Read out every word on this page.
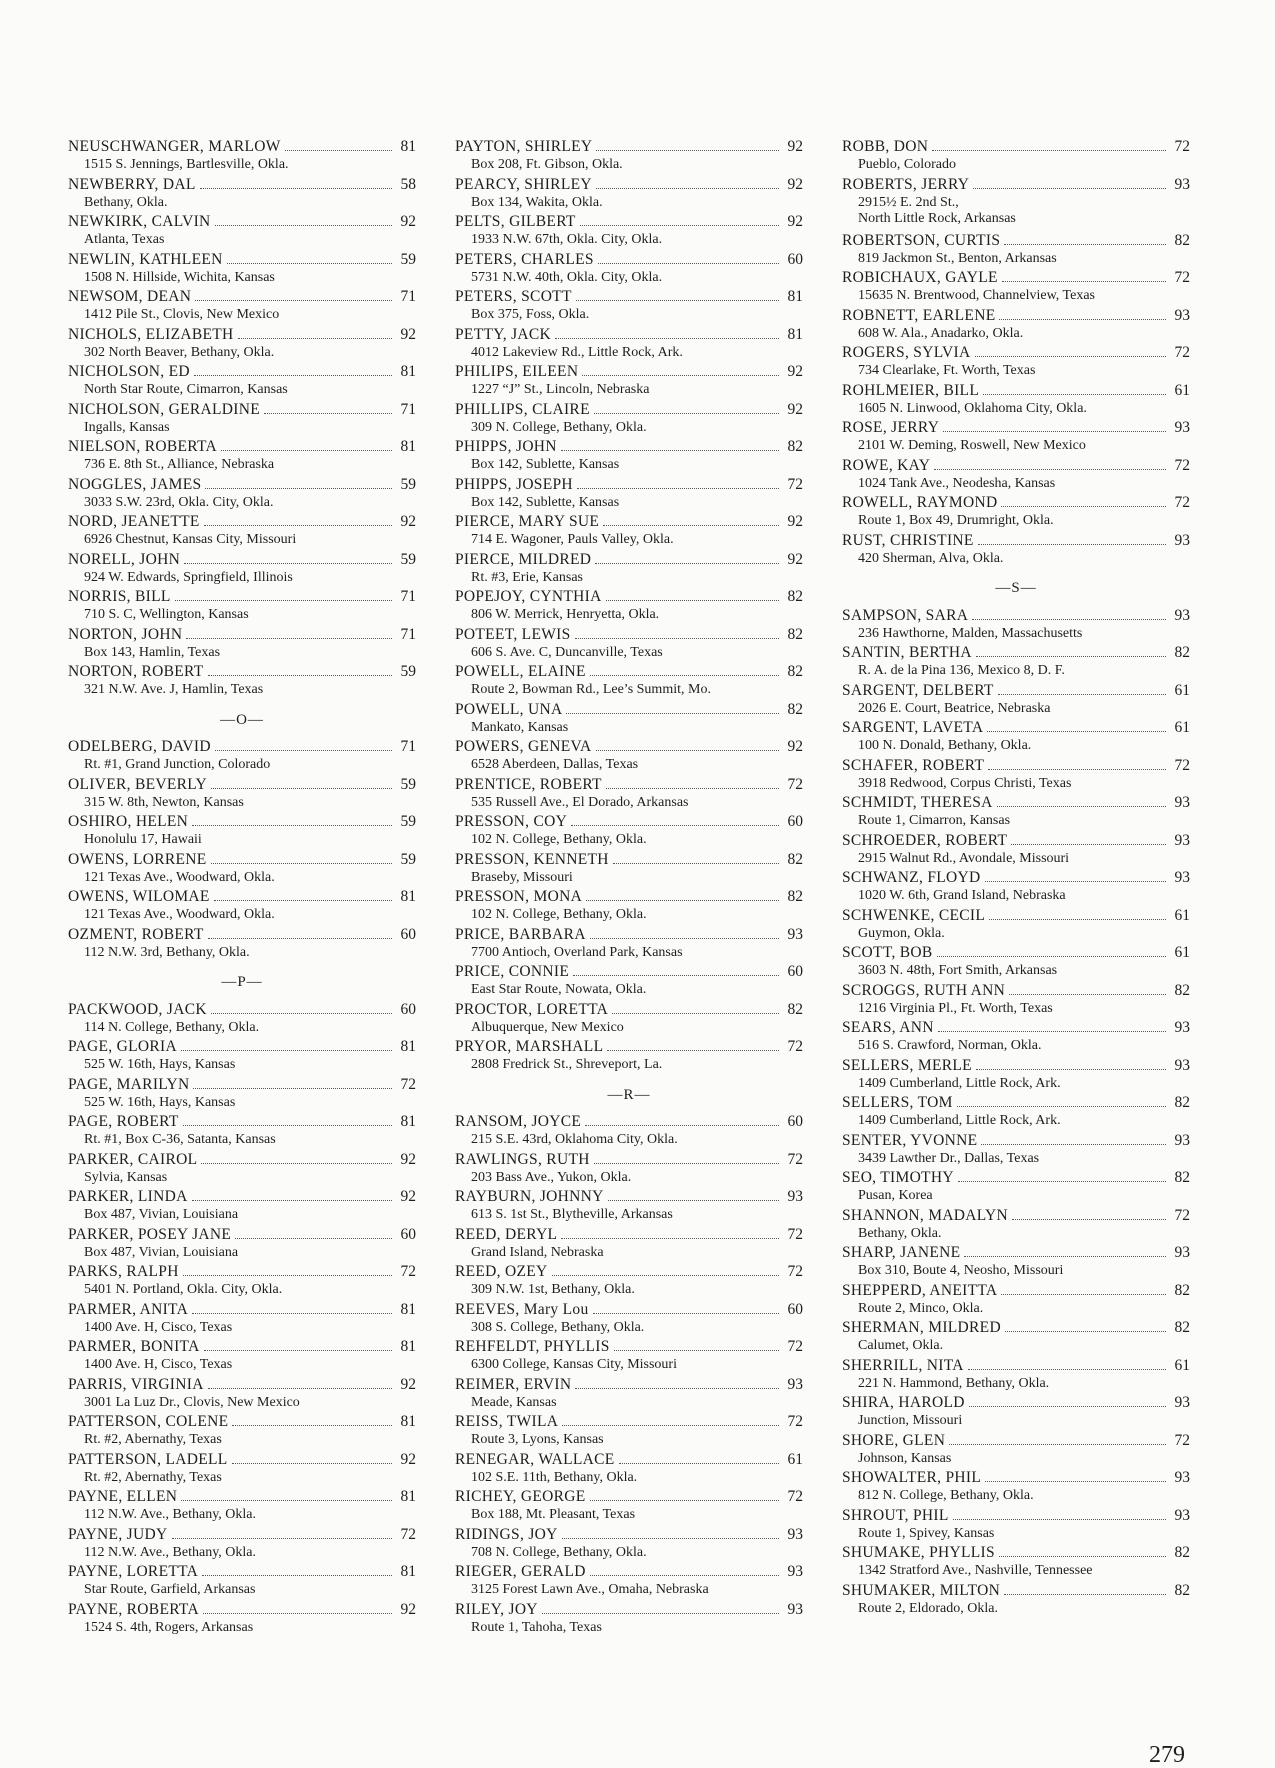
NEUSCHWANGER, MARLOW	81
1515 S. Jennings, Bartlesville, Okla.
NEWBERRY, DAL	58
Bethany, Okla.
NEWKIRK, CALVIN	92
Atlanta, Texas
NEWLIN, KATHLEEN	59
1508 N. Hillside, Wichita, Kansas
NEWSOM, DEAN	71
1412 Pile St., Clovis, New Mexico
NICHOLS, ELIZABETH	92
302 North Beaver, Bethany, Okla.
NICHOLSON, ED	81
North Star Route, Cimarron, Kansas
NICHOLSON, GERALDINE	71
Ingalls, Kansas
NIELSON, ROBERTA	81
736 E. 8th St., Alliance, Nebraska
NOGGLES, JAMES	59
3033 S.W. 23rd, Okla. City, Okla.
NORD, JEANETTE	92
6926 Chestnut, Kansas City, Missouri
NORELL, JOHN	59
924 W. Edwards, Springfield, Illinois
NORRIS, BILL	71
710 S. C, Wellington, Kansas
NORTON, JOHN	71
Box 143, Hamlin, Texas
NORTON, ROBERT	59
321 N.W. Ave. J, Hamlin, Texas
—O—
ODELBERG, DAVID	71
Rt. #1, Grand Junction, Colorado
OLIVER, BEVERLY	59
315 W. 8th, Newton, Kansas
OSHIRO, HELEN	59
Honolulu 17, Hawaii
OWENS, LORRENE	59
121 Texas Ave., Woodward, Okla.
OWENS, WILOMAE	81
121 Texas Ave., Woodward, Okla.
OZMENT, ROBERT	60
112 N.W. 3rd, Bethany, Okla.
—P—
PACKWOOD, JACK	60
114 N. College, Bethany, Okla.
PAGE, GLORIA	81
525 W. 16th, Hays, Kansas
PAGE, MARILYN	72
525 W. 16th, Hays, Kansas
PAGE, ROBERT	81
Rt. #1, Box C-36, Satanta, Kansas
PARKER, CAIROL	92
Sylvia, Kansas
PARKER, LINDA	92
Box 487, Vivian, Louisiana
PARKER, POSEY JANE	60
Box 487, Vivian, Louisiana
PARKS, RALPH	72
5401 N. Portland, Okla. City, Okla.
PARMER, ANITA	81
1400 Ave. H, Cisco, Texas
PARMER, BONITA	81
1400 Ave. H, Cisco, Texas
PARRIS, VIRGINIA	92
3001 La Luz Dr., Clovis, New Mexico
PATTERSON, COLENE	81
Rt. #2, Abernathy, Texas
PATTERSON, LADELL	92
Rt. #2, Abernathy, Texas
PAYNE, ELLEN	81
112 N.W. Ave., Bethany, Okla.
PAYNE, JUDY	72
112 N.W. Ave., Bethany, Okla.
PAYNE, LORETTA	81
Star Route, Garfield, Arkansas
PAYNE, ROBERTA	92
1524 S. 4th, Rogers, Arkansas
PAYTON, SHIRLEY	92
Box 208, Ft. Gibson, Okla.
PEARCY, SHIRLEY	92
Box 134, Wakita, Okla.
PELTS, GILBERT	92
1933 N.W. 67th, Okla. City, Okla.
PETERS, CHARLES	60
5731 N.W. 40th, Okla. City, Okla.
PETERS, SCOTT	81
Box 375, Foss, Okla.
PETTY, JACK	81
4012 Lakeview Rd., Little Rock, Ark.
PHILIPS, EILEEN	92
1227 “J” St., Lincoln, Nebraska
PHILLIPS, CLAIRE	92
309 N. College, Bethany, Okla.
PHIPPS, JOHN	82
Box 142, Sublette, Kansas
PHIPPS, JOSEPH	72
Box 142, Sublette, Kansas
PIERCE, MARY SUE	92
714 E. Wagoner, Pauls Valley, Okla.
PIERCE, MILDRED	92
Rt. #3, Erie, Kansas
POPEJOY, CYNTHIA	82
806 W. Merrick, Henryetta, Okla.
POTEET, LEWIS	82
606 S. Ave. C, Duncanville, Texas
POWELL, ELAINE	82
Route 2, Bowman Rd., Lee’s Summit, Mo.
POWELL, UNA	82
Mankato, Kansas
POWERS, GENEVA	92
6528 Aberdeen, Dallas, Texas
PRENTICE, ROBERT	72
535 Russell Ave., El Dorado, Arkansas
PRESSON, COY	60
102 N. College, Bethany, Okla.
PRESSON, KENNETH	82
Braseby, Missouri
PRESSON, MONA	82
102 N. College, Bethany, Okla.
PRICE, BARBARA	93
7700 Antioch, Overland Park, Kansas
PRICE, CONNIE	60
East Star Route, Nowata, Okla.
PROCTOR, LORETTA	82
Albuquerque, New Mexico
PRYOR, MARSHALL	72
2808 Fredrick St., Shreveport, La.
—R—
RANSOM, JOYCE	60
215 S.E. 43rd, Oklahoma City, Okla.
RAWLINGS, RUTH	72
203 Bass Ave., Yukon, Okla.
RAYBURN, JOHNNY	93
613 S. 1st St., Blytheville, Arkansas
REED, DERYL	72
Grand Island, Nebraska
REED, OZEY	72
309 N.W. 1st, Bethany, Okla.
REEVES, Mary Lou	60
308 S. College, Bethany, Okla.
REHFELDT, PHYLLIS	72
6300 College, Kansas City, Missouri
REIMER, ERVIN	93
Meade, Kansas
REISS, TWILA	72
Route 3, Lyons, Kansas
RENEGAR, WALLACE	61
102 S.E. 11th, Bethany, Okla.
RICHEY, GEORGE	72
Box 188, Mt. Pleasant, Texas
RIDINGS, JOY	93
708 N. College, Bethany, Okla.
RIEGER, GERALD	93
3125 Forest Lawn Ave., Omaha, Nebraska
RILEY, JOY	93
Route 1, Tahoha, Texas
ROBB, DON	72
Pueblo, Colorado
ROBERTS, JERRY	93
2915½ E. 2nd St.,
North Little Rock, Arkansas
ROBERTSON, CURTIS	82
819 Jackmon St., Benton, Arkansas
ROBICHAUX, GAYLE	72
15635 N. Brentwood, Channelview, Texas
ROBNETT, EARLENE	93
608 W. Ala., Anadarko, Okla.
ROGERS, SYLVIA	72
734 Clearlake, Ft. Worth, Texas
ROHLMEIER, BILL	61
1605 N. Linwood, Oklahoma City, Okla.
ROSE, JERRY	93
2101 W. Deming, Roswell, New Mexico
ROWE, KAY	72
1024 Tank Ave., Neodesha, Kansas
ROWELL, RAYMOND	72
Route 1, Box 49, Drumright, Okla.
RUST, CHRISTINE	93
420 Sherman, Alva, Okla.
—S—
SAMPSON, SARA	93
236 Hawthorne, Malden, Massachusetts
SANTIN, BERTHA	82
R. A. de la Pina 136, Mexico 8, D. F.
SARGENT, DELBERT	61
2026 E. Court, Beatrice, Nebraska
SARGENT, LAVETA	61
100 N. Donald, Bethany, Okla.
SCHAFER, ROBERT	72
3918 Redwood, Corpus Christi, Texas
SCHMIDT, THERESA	93
Route 1, Cimarron, Kansas
SCHROEDER, ROBERT	93
2915 Walnut Rd., Avondale, Missouri
SCHWANZ, FLOYD	93
1020 W. 6th, Grand Island, Nebraska
SCHWENKE, CECIL	61
Guymon, Okla.
SCOTT, BOB	61
3603 N. 48th, Fort Smith, Arkansas
SCROGGS, RUTH ANN	82
1216 Virginia Pl., Ft. Worth, Texas
SEARS, ANN	93
516 S. Crawford, Norman, Okla.
SELLERS, MERLE	93
1409 Cumberland, Little Rock, Ark.
SELLERS, TOM	82
1409 Cumberland, Little Rock, Ark.
SENTER, YVONNE	93
3439 Lawther Dr., Dallas, Texas
SEO, TIMOTHY	82
Pusan, Korea
SHANNON, MADALYN	72
Bethany, Okla.
SHARP, JANENE	93
Box 310, Boute 4, Neosho, Missouri
SHEPPERD, ANEITTA	82
Route 2, Minco, Okla.
SHERMAN, MILDRED	82
Calumet, Okla.
SHERRILL, NITA	61
221 N. Hammond, Bethany, Okla.
SHIRA, HAROLD	93
Junction, Missouri
SHORE, GLEN	72
Johnson, Kansas
SHOWALTER, PHIL	93
812 N. College, Bethany, Okla.
SHROUT, PHIL	93
Route 1, Spivey, Kansas
SHUMAKE, PHYLLIS	82
1342 Stratford Ave., Nashville, Tennessee
SHUMAKER, MILTON	82
Route 2, Eldorado, Okla.
279
